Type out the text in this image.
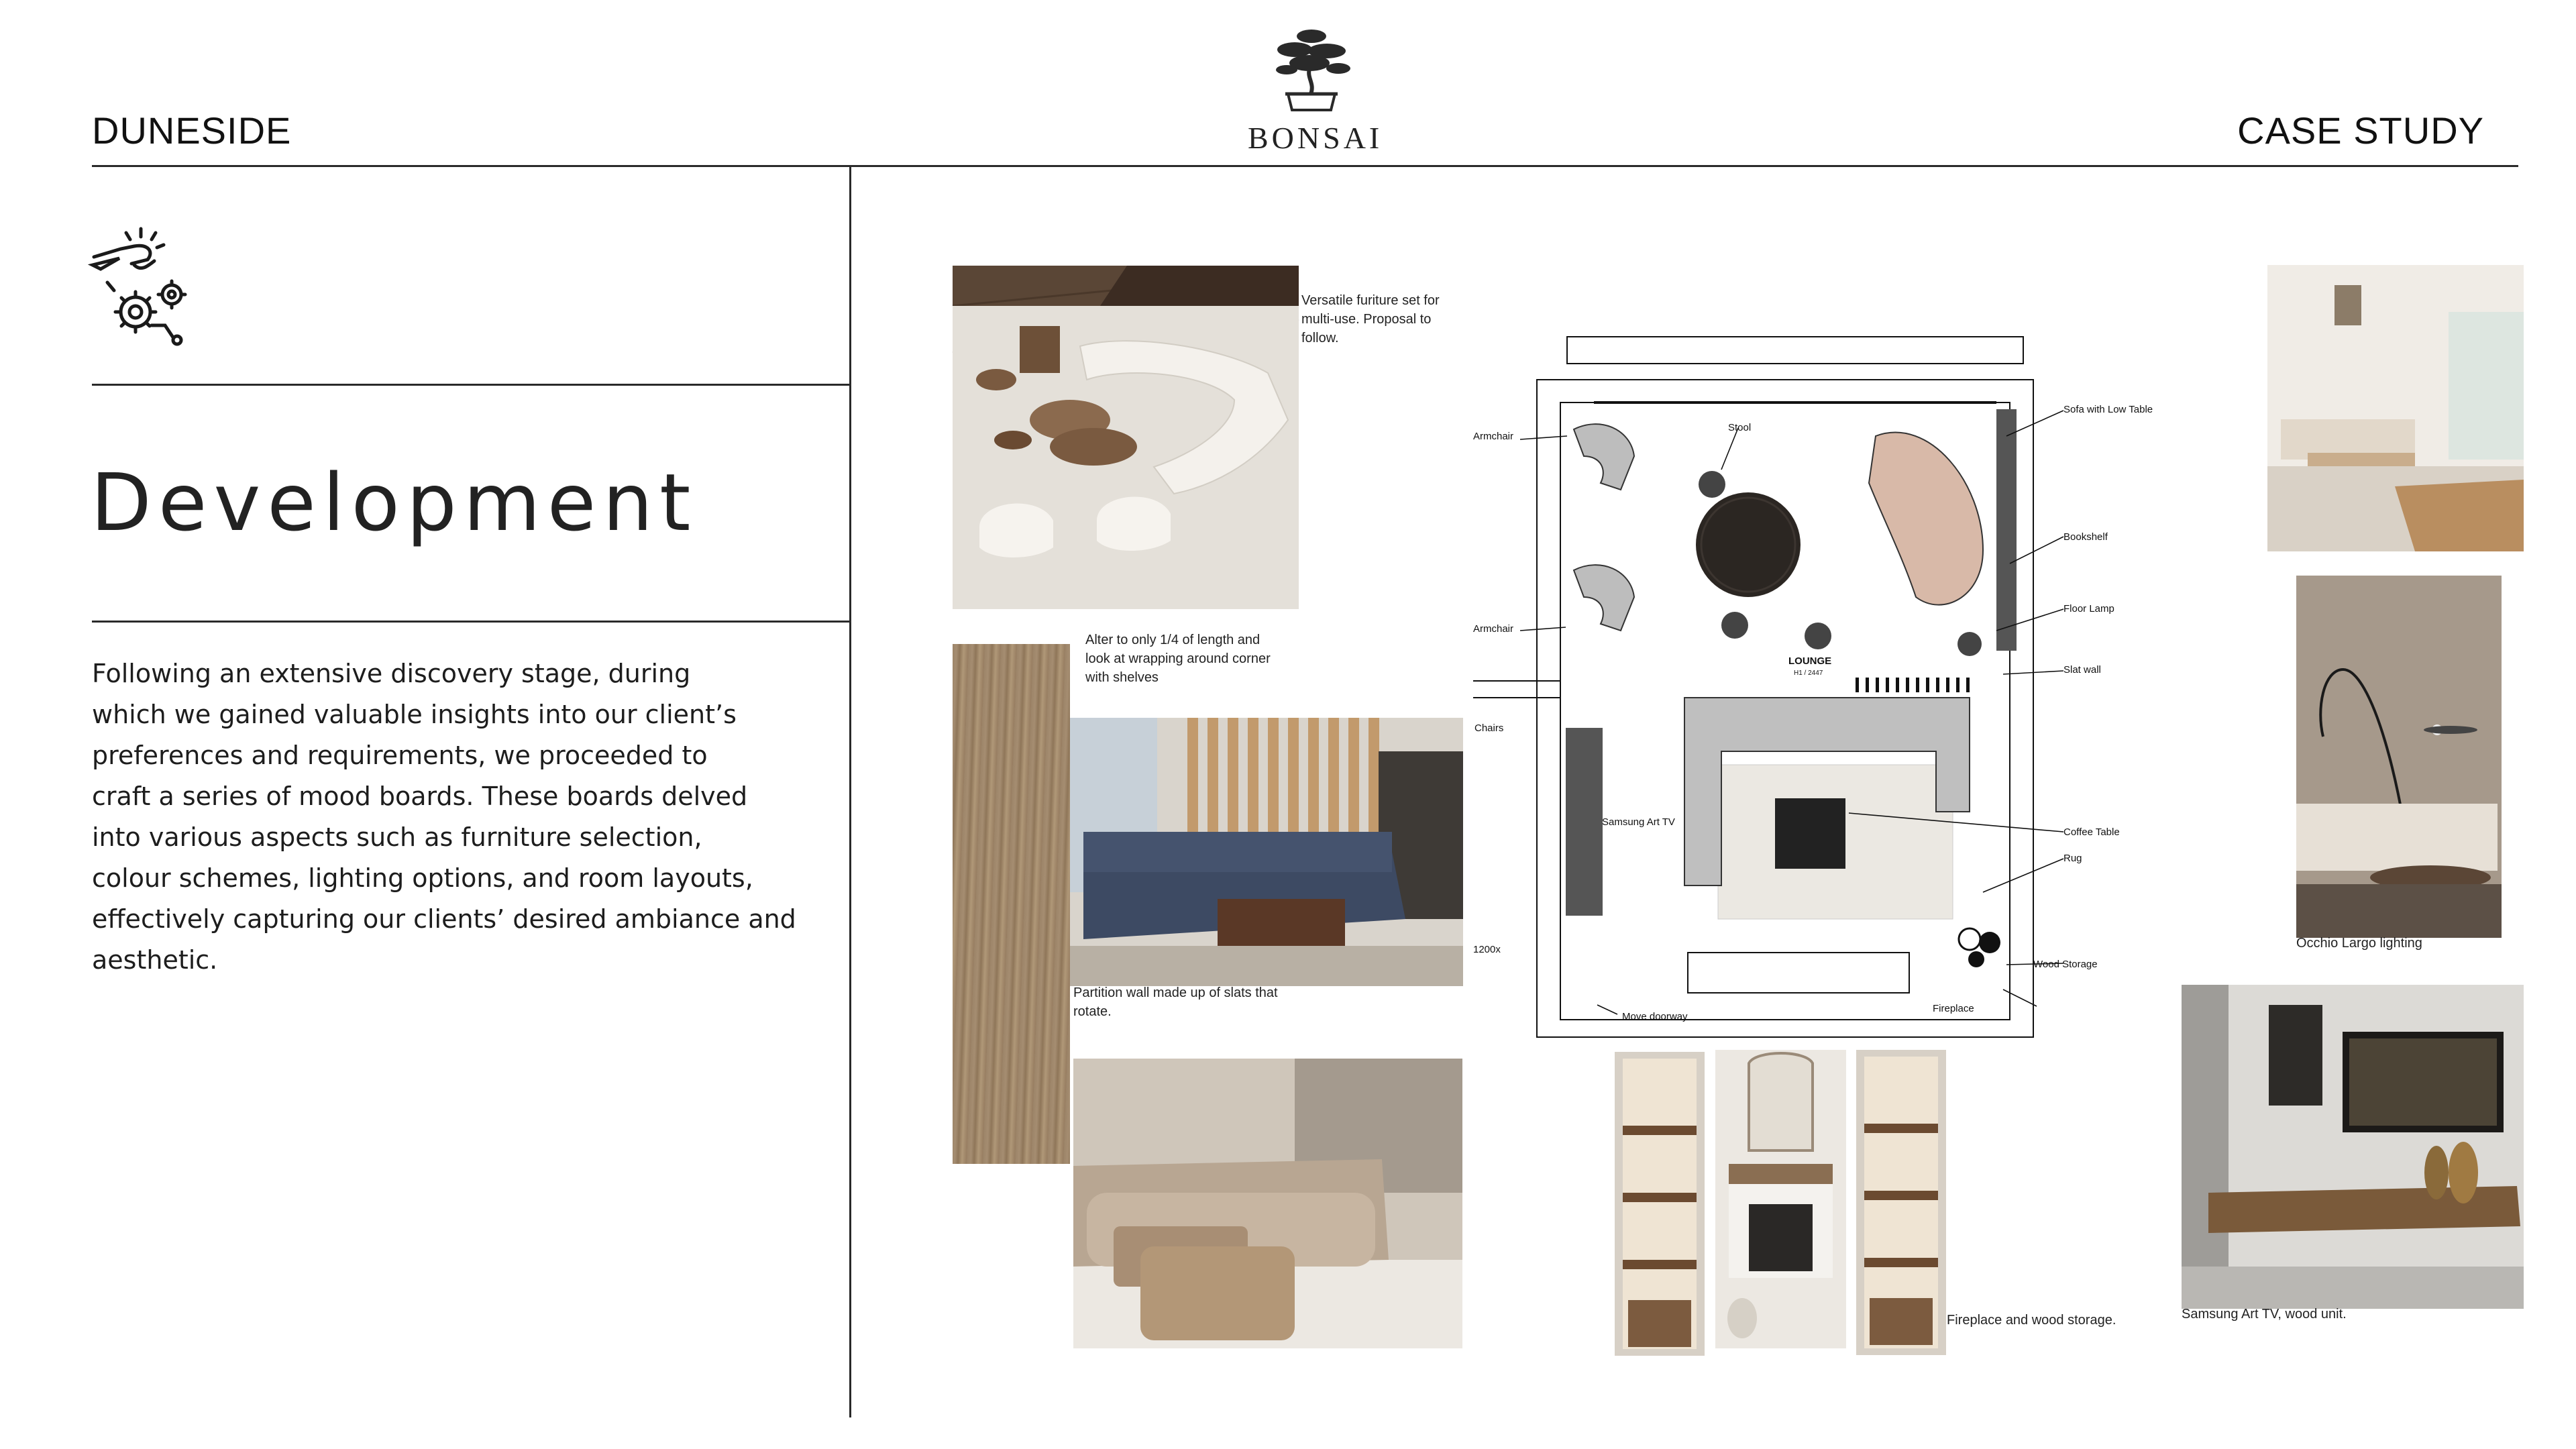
DUNESIDE	BONSAI	CASE STUDY
Development
Following an extensive discovery stage, during
which we gained valuable insights into our client’s
preferences and requirements, we proceeded to
craft a series of mood boards. These boards delved
into various aspects such as furniture selection,
colour schemes, lighting options, and room layouts,
effectively capturing our clients’ desired ambiance and
aesthetic.
Versatile furiture set for multi-use. Proposal to follow.
Alter to only 1/4 of length and look at wrapping around corner with shelves
Partition wall made up of slats that rotate.
Armchair
Armchair
Stool
Sofa with Low Table
Bookshelf
Floor Lamp
Slat wall
LOUNGE
H1 / 2447
Chairs
Samsung Art TV
Coffee Table
Rug
Wood Storage
Fireplace
Move doorway
1200x
Fireplace and wood storage.
Occhio Largo lighting
Samsung Art TV, wood unit.
